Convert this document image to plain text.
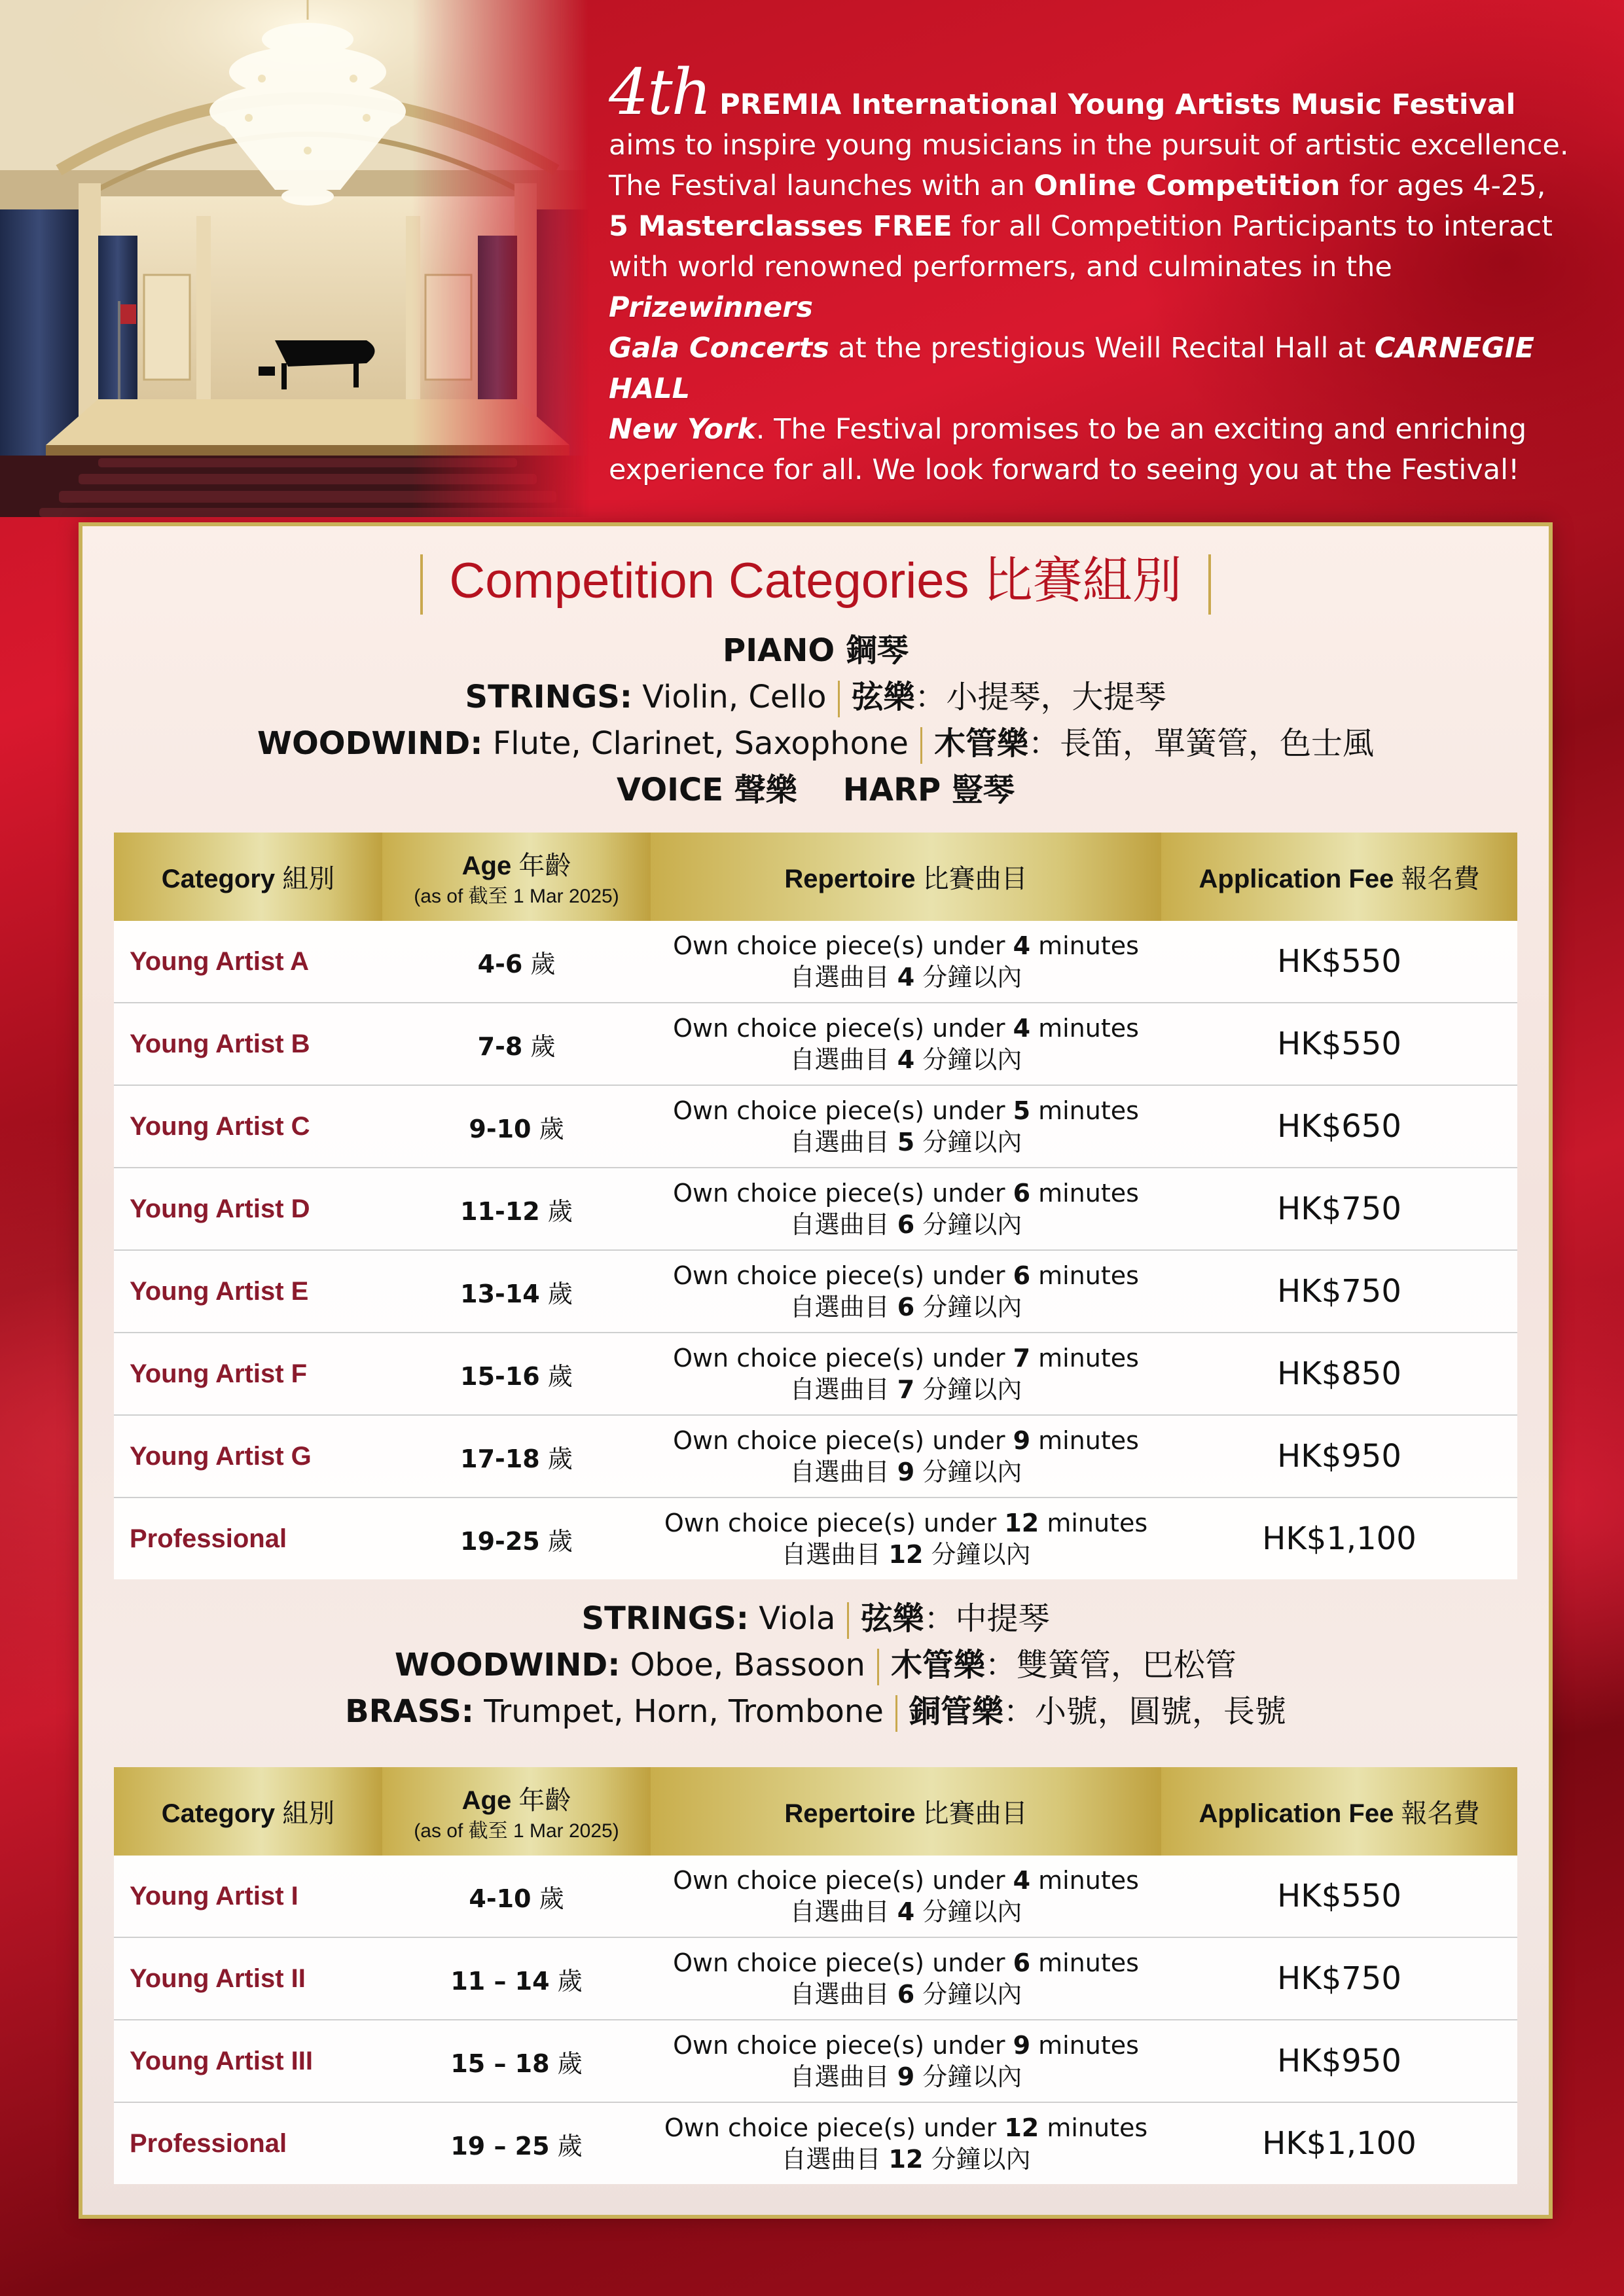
4th PREMIA International Young Artists Music Festival
aims to inspire young musicians in the pursuit of artistic excellence.
The Festival launches with an Online Competition for ages 4-25,
5 Masterclasses FREE for all Competition Participants to interact
with world renowned performers, and culminates in the Prizewinners
Gala Concerts at the prestigious Weill Recital Hall at CARNEGIE HALL
New York. The Festival promises to be an exciting and enriching
experience for all. We look forward to seeing you at the Festival!
Competition Categories 比賽組別
PIANO 鋼琴
STRINGS: Violin, Cello 弦樂：小提琴，大提琴
WOODWIND: Flute, Clarinet, Saxophone 木管樂：長笛，單簧管，色士風
VOICE 聲樂 HARP 豎琴
Category 組別	Age 年齡
(as of 截至 1 Mar 2025)	Repertoire 比賽曲目	Application Fee 報名費
Young Artist A	4-6 歲	Own choice piece(s) under 4 minutes
自選曲目 4 分鐘以內	HK$550
Young Artist B	7-8 歲	Own choice piece(s) under 4 minutes
自選曲目 4 分鐘以內	HK$550
Young Artist C	9-10 歲	Own choice piece(s) under 5 minutes
自選曲目 5 分鐘以內	HK$650
Young Artist D	11-12 歲	Own choice piece(s) under 6 minutes
自選曲目 6 分鐘以內	HK$750
Young Artist E	13-14 歲	Own choice piece(s) under 6 minutes
自選曲目 6 分鐘以內	HK$750
Young Artist F	15-16 歲	Own choice piece(s) under 7 minutes
自選曲目 7 分鐘以內	HK$850
Young Artist G	17-18 歲	Own choice piece(s) under 9 minutes
自選曲目 9 分鐘以內	HK$950
Professional	19-25 歲	Own choice piece(s) under 12 minutes
自選曲目 12 分鐘以內	HK$1,100
STRINGS: Viola 弦樂：中提琴
WOODWIND: Oboe, Bassoon 木管樂：雙簧管，巴松管
BRASS: Trumpet, Horn, Trombone 銅管樂：小號，圓號，長號
Category 組別	Age 年齡
(as of 截至 1 Mar 2025)	Repertoire 比賽曲目	Application Fee 報名費
Young Artist I	4-10 歲	Own choice piece(s) under 4 minutes
自選曲目 4 分鐘以內	HK$550
Young Artist II	11 – 14 歲	Own choice piece(s) under 6 minutes
自選曲目 6 分鐘以內	HK$750
Young Artist III	15 – 18 歲	Own choice piece(s) under 9 minutes
自選曲目 9 分鐘以內	HK$950
Professional	19 – 25 歲	Own choice piece(s) under 12 minutes
自選曲目 12 分鐘以內	HK$1,100
